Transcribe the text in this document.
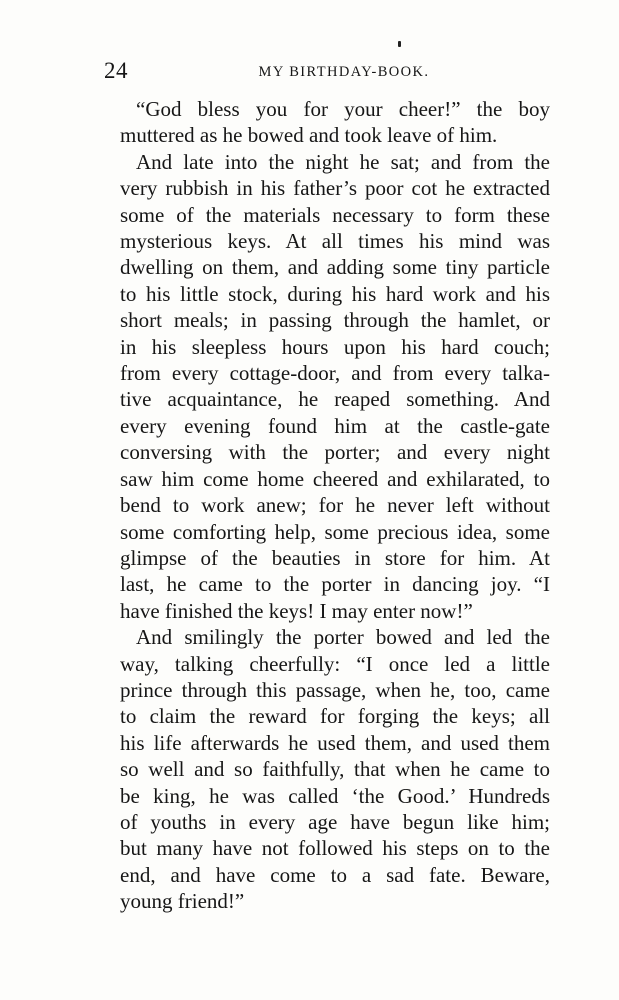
24	MY BIRTHDAY-BOOK.

“God bless you for your cheer!” the boy
muttered as he bowed and took leave of him.

And late into the night he sat; and from the
very rubbish in his father’s poor cot he extracted
some of the materials necessary to form these
mysterious keys. At all times his mind was
dwelling on them, and adding some tiny particle
to his little stock, during his hard work and his
short meals; in passing through the hamlet, or
in his sleepless hours upon his hard couch;
from every cottage-door, and from every talka-
tive acquaintance, he reaped something. And
every evening found him at the castle-gate
conversing with the porter; and every night
saw him come home cheered and exhilarated, to
bend to work anew; for he never left without
some comforting help, some precious idea, some
glimpse of the beauties in store for him. At
last, he came to the porter in dancing joy. “I
have finished the keys! I may enter now!”

And smilingly the porter bowed and led the
way, talking cheerfully: “I once led a little
prince through this passage, when he, too, came
to claim the reward for forging the keys; all
his life afterwards he used them, and used them
so well and so faithfully, that when he came to
be king, he was called ‘the Good.’ Hundreds
of youths in every age have begun like him;
but many have not followed his steps on to the
end, and have come to a sad fate. Beware,
young friend!”
